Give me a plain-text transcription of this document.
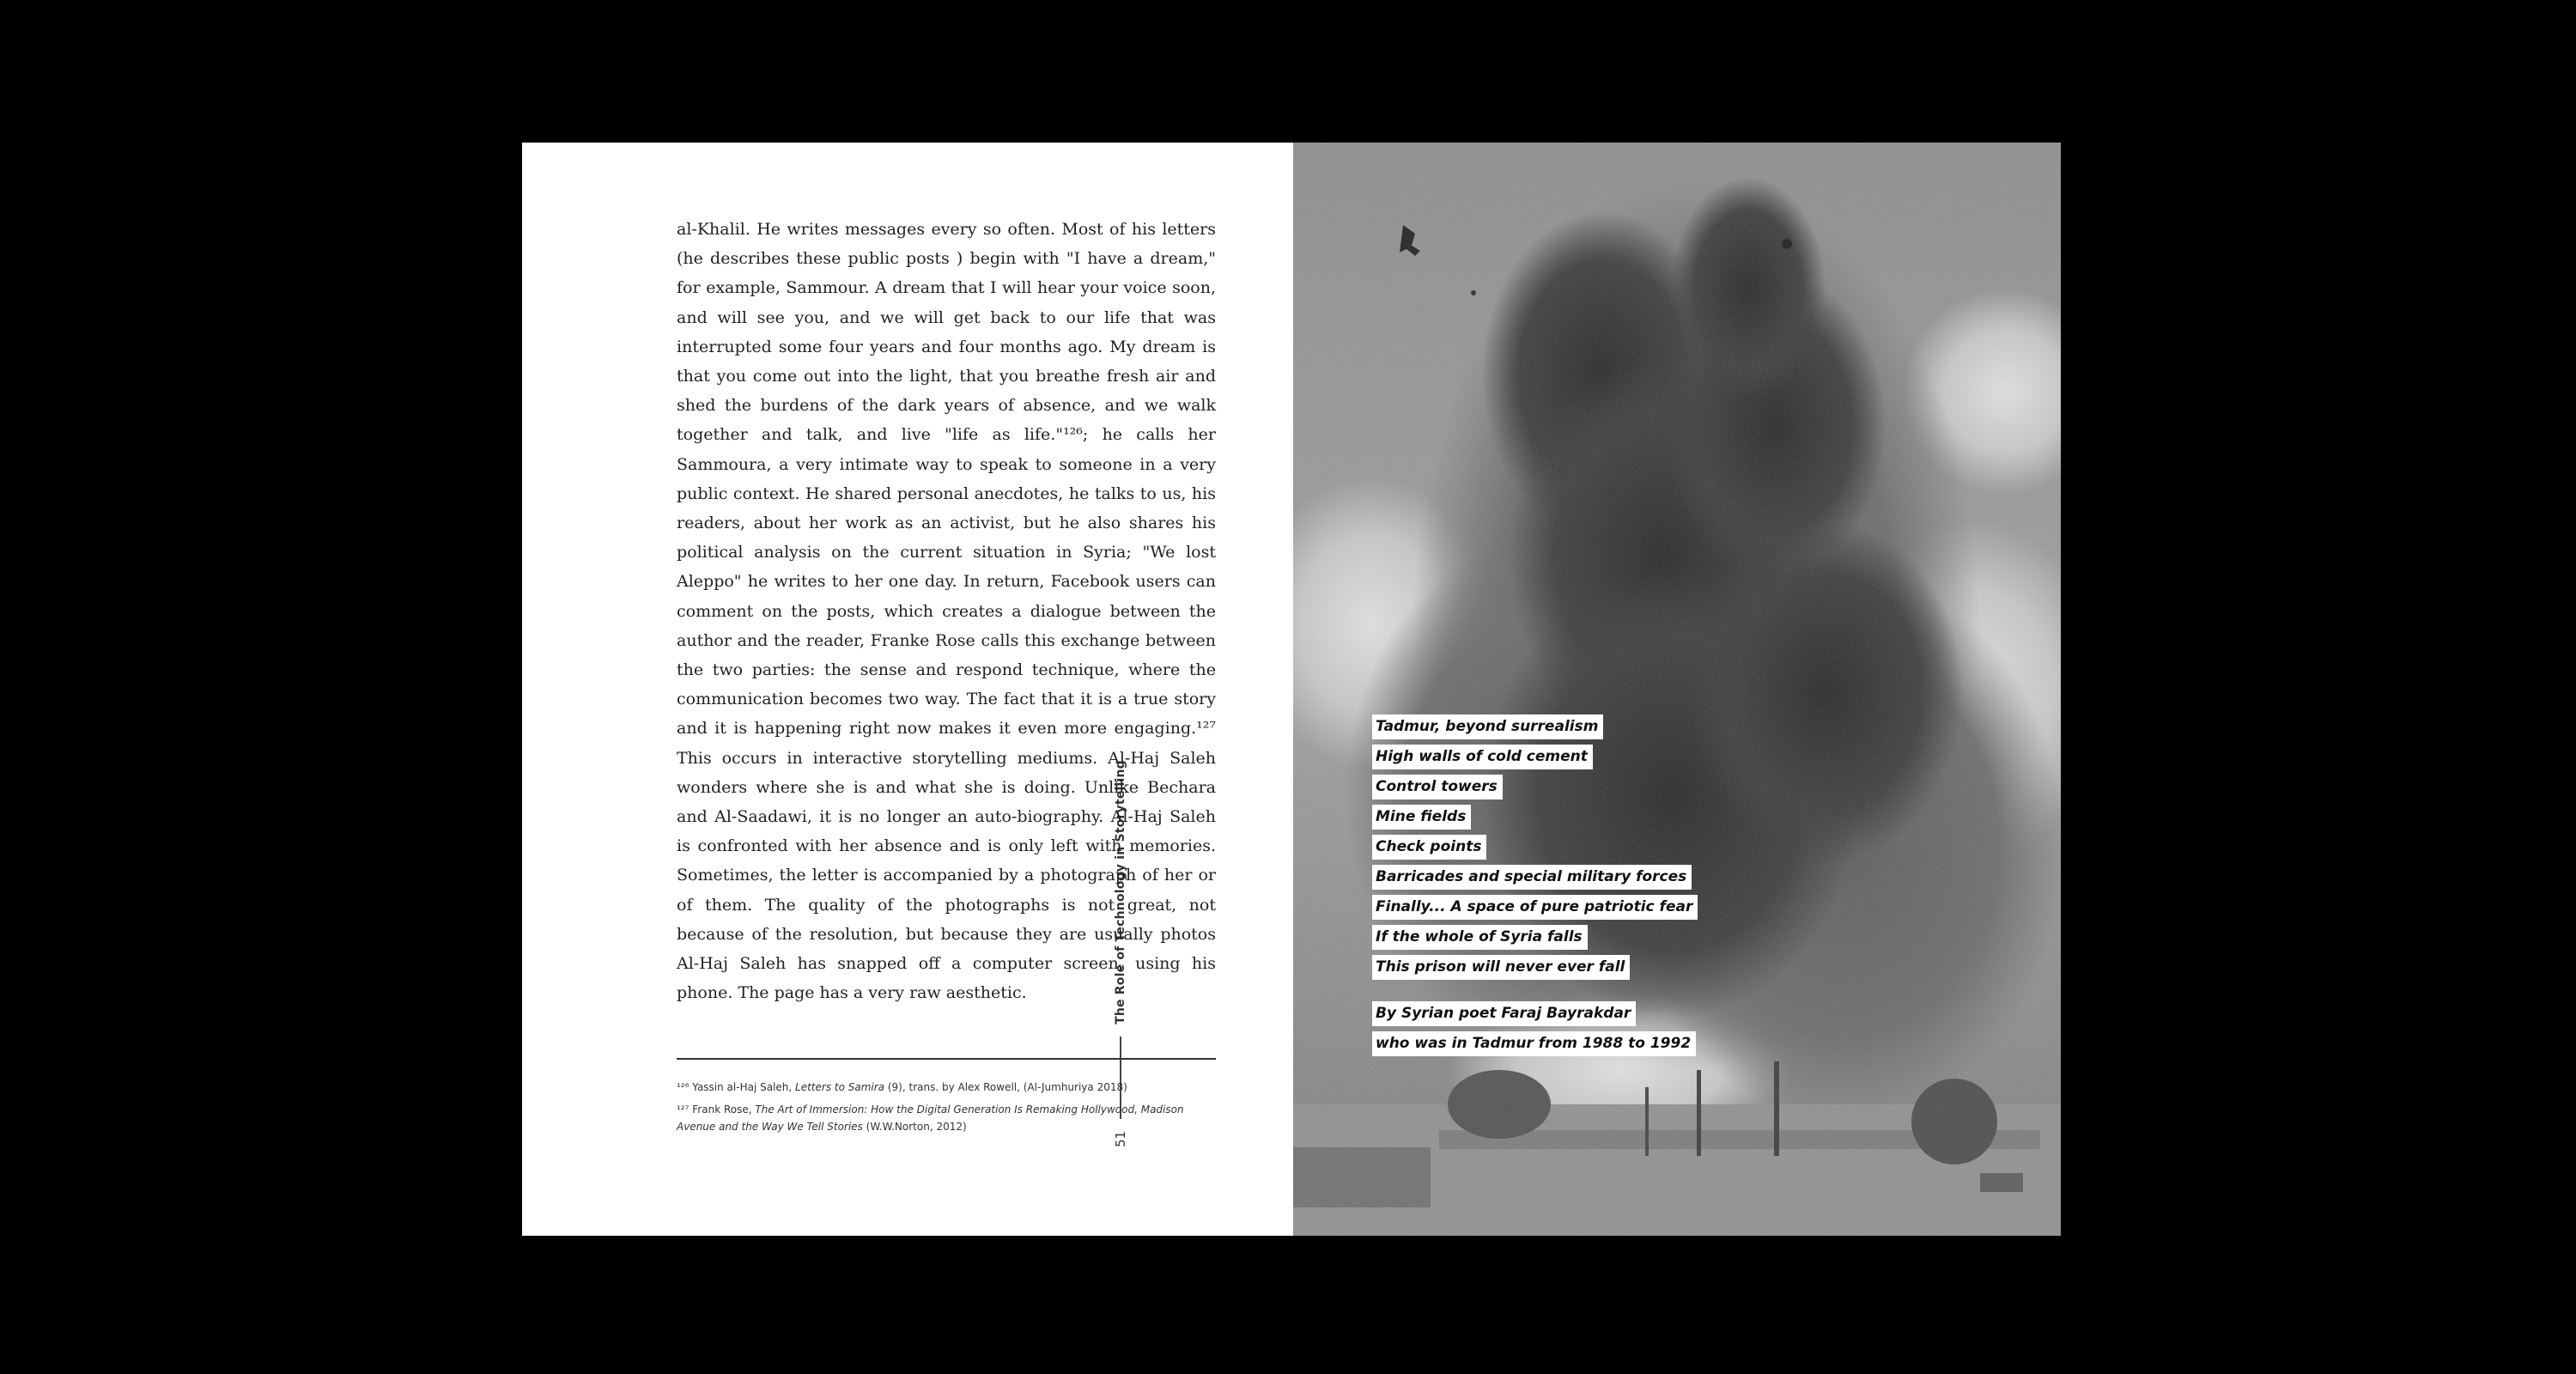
51
The Role of Technology in Storytelling

al-Khalil. He writes messages every so often. Most of his letters (he describes these public posts ) begin with "I have a dream," for example, Sammour. A dream that I will hear your voice soon, and will see you, and we will get back to our life that was interrupted some four years and four months ago. My dream is that you come out into the light, that you breathe fresh air and shed the burdens of the dark years of absence, and we walk together and talk, and live "life as life."¹²⁶; he calls her Sammoura, a very intimate way to speak to someone in a very public context. He shared personal anecdotes, he talks to us, his readers, about her work as an activist, but he also shares his political analysis on the current situation in Syria; "We lost Aleppo" he writes to her one day. In return, Facebook users can comment on the posts, which creates a dialogue between the author and the reader, Franke Rose calls this exchange between the two parties: the sense and respond technique, where the communication becomes two way. The fact that it is a true story and it is happening right now makes it even more engaging.¹²⁷ This occurs in interactive storytelling mediums. Al-Haj Saleh wonders where she is and what she is doing. Unlike Bechara and Al-Saadawi, it is no longer an auto-biography. Al-Haj Saleh is confronted with her absence and is only left with memories. Sometimes, the letter is accompanied by a photograph of her or of them. The quality of the photographs is not great, not because of the resolution, but because they are usually photos Al-Haj Saleh has snapped off a computer screen, using his phone. The page has a very raw aesthetic.

¹²⁶ Yassin al-Haj Saleh, Letters to Samira (9), trans. by Alex Rowell, (Al-Jumhuriya 2018)

¹²⁷ Frank Rose, The Art of Immersion: How the Digital Generation Is Remaking Hollywood, Madison Avenue and the Way We Tell Stories (W.W.Norton, 2012)

Tadmur, beyond surrealism
High walls of cold cement
Control towers
Mine fields
Check points
Barricades and special military forces
Finally... A space of pure patriotic fear
If the whole of Syria falls
This prison will never ever fall
By Syrian poet Faraj Bayrakdar
who was in Tadmur from 1988 to 1992
